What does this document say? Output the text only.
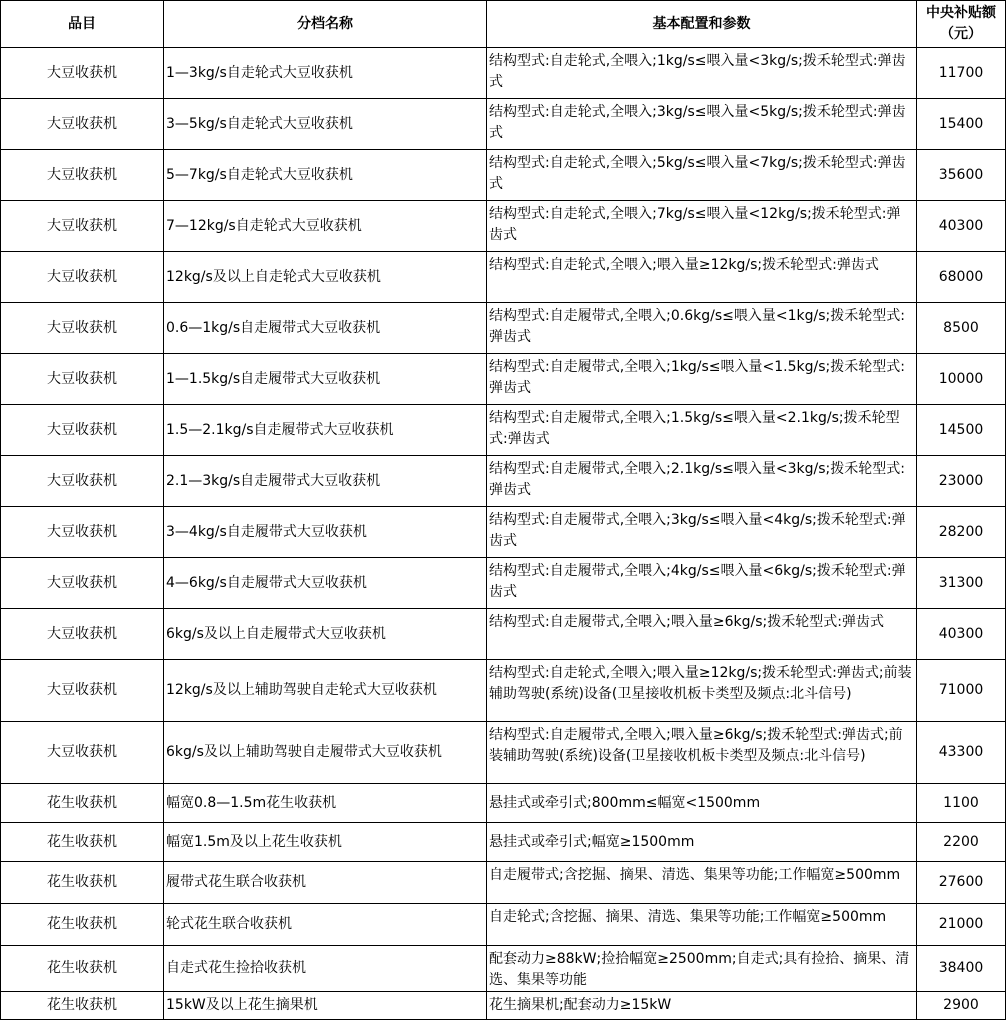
品目	分档名称	基本配置和参数	中央补贴额（元）
大豆收获机	1—3kg/s自走轮式大豆收获机	结构型式:自走轮式,全喂入;1kg/s≤喂入量<3kg/s;拨禾轮型式:弹齿式	11700
大豆收获机	3—5kg/s自走轮式大豆收获机	结构型式:自走轮式,全喂入;3kg/s≤喂入量<5kg/s;拨禾轮型式:弹齿式	15400
大豆收获机	5—7kg/s自走轮式大豆收获机	结构型式:自走轮式,全喂入;5kg/s≤喂入量<7kg/s;拨禾轮型式:弹齿式	35600
大豆收获机	7—12kg/s自走轮式大豆收获机	结构型式:自走轮式,全喂入;7kg/s≤喂入量<12kg/s;拨禾轮型式:弹齿式	40300
大豆收获机	12kg/s及以上自走轮式大豆收获机	结构型式:自走轮式,全喂入;喂入量≥12kg/s;拨禾轮型式:弹齿式	68000
大豆收获机	0.6—1kg/s自走履带式大豆收获机	结构型式:自走履带式,全喂入;0.6kg/s≤喂入量<1kg/s;拨禾轮型式:弹齿式	8500
大豆收获机	1—1.5kg/s自走履带式大豆收获机	结构型式:自走履带式,全喂入;1kg/s≤喂入量<1.5kg/s;拨禾轮型式:弹齿式	10000
大豆收获机	1.5—2.1kg/s自走履带式大豆收获机	结构型式:自走履带式,全喂入;1.5kg/s≤喂入量<2.1kg/s;拨禾轮型式:弹齿式	14500
大豆收获机	2.1—3kg/s自走履带式大豆收获机	结构型式:自走履带式,全喂入;2.1kg/s≤喂入量<3kg/s;拨禾轮型式:弹齿式	23000
大豆收获机	3—4kg/s自走履带式大豆收获机	结构型式:自走履带式,全喂入;3kg/s≤喂入量<4kg/s;拨禾轮型式:弹齿式	28200
大豆收获机	4—6kg/s自走履带式大豆收获机	结构型式:自走履带式,全喂入;4kg/s≤喂入量<6kg/s;拨禾轮型式:弹齿式	31300
大豆收获机	6kg/s及以上自走履带式大豆收获机	结构型式:自走履带式,全喂入;喂入量≥6kg/s;拨禾轮型式:弹齿式	40300
大豆收获机	12kg/s及以上辅助驾驶自走轮式大豆收获机	结构型式:自走轮式,全喂入;喂入量≥12kg/s;拨禾轮型式:弹齿式;前装辅助驾驶(系统)设备(卫星接收机板卡类型及频点:北斗信号)	71000
大豆收获机	6kg/s及以上辅助驾驶自走履带式大豆收获机	结构型式:自走履带式,全喂入;喂入量≥6kg/s;拨禾轮型式:弹齿式;前装辅助驾驶(系统)设备(卫星接收机板卡类型及频点:北斗信号)	43300
花生收获机	幅宽0.8—1.5m花生收获机	悬挂式或牵引式;800mm≤幅宽<1500mm	1100
花生收获机	幅宽1.5m及以上花生收获机	悬挂式或牵引式;幅宽≥1500mm	2200
花生收获机	履带式花生联合收获机	自走履带式;含挖掘、摘果、清选、集果等功能;工作幅宽≥500mm	27600
花生收获机	轮式花生联合收获机	自走轮式;含挖掘、摘果、清选、集果等功能;工作幅宽≥500mm	21000
花生收获机	自走式花生捡拾收获机	配套动力≥88kW;捡拾幅宽≥2500mm;自走式;具有捡拾、摘果、清选、集果等功能	38400
花生收获机	15kW及以上花生摘果机	花生摘果机;配套动力≥15kW	2900
